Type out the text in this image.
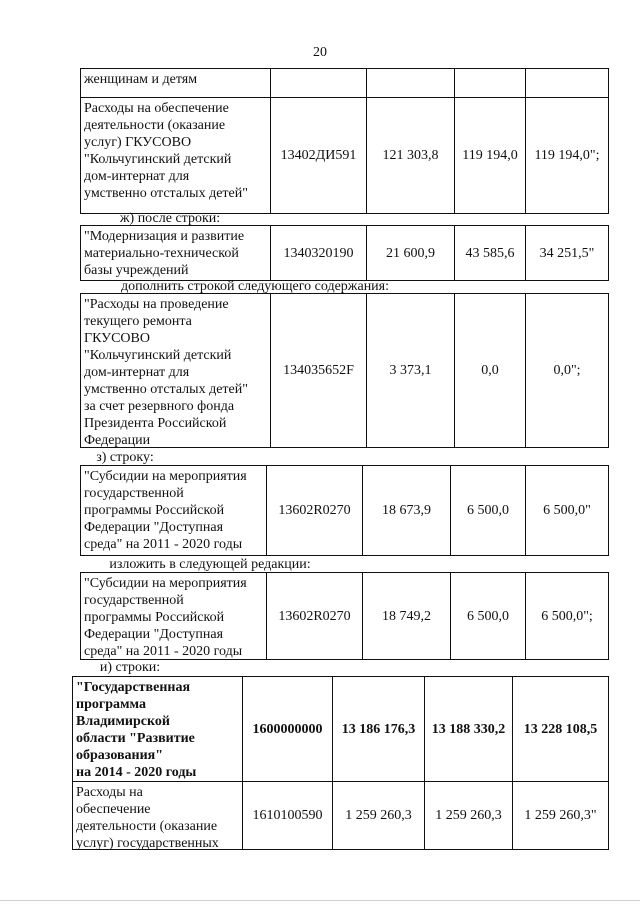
20
женщинам и детям
Расходы на обеспечение
деятельности (оказание
услуг) ГКУСОВО
"Кольчугинский детский
дом-интернат для
умственно отсталых детей"
13402ДИ591	121 303,8	119 194,0	119 194,0";
ж) после строки:
"Модернизация и развитие
материально-технической
базы учреждений
1340320190	21 600,9	43 585,6	34 251,5"
дополнить строкой следующего содержания:
"Расходы на проведение
текущего ремонта
ГКУСОВО
"Кольчугинский детский
дом-интернат для
умственно отсталых детей"
за счет резервного фонда
Президента Российской
Федерации
134035652F	3 373,1	0,0	0,0";
з) строку:
"Субсидии на мероприятия
государственной
программы Российской
Федерации "Доступная
среда" на 2011 - 2020 годы
13602R0270	18 673,9	6 500,0	6 500,0"
изложить в следующей редакции:
"Субсидии на мероприятия
государственной
программы Российской
Федерации "Доступная
среда" на 2011 - 2020 годы
13602R0270	18 749,2	6 500,0	6 500,0";
и) строки:
"Государственная
программа
Владимирской
области "Развитие
образования"
на 2014 - 2020 годы
1600000000	13 186 176,3	13 188 330,2	13 228 108,5
Расходы на
обеспечение
деятельности (оказание
услуг) государственных
1610100590	1 259 260,3	1 259 260,3	1 259 260,3"
